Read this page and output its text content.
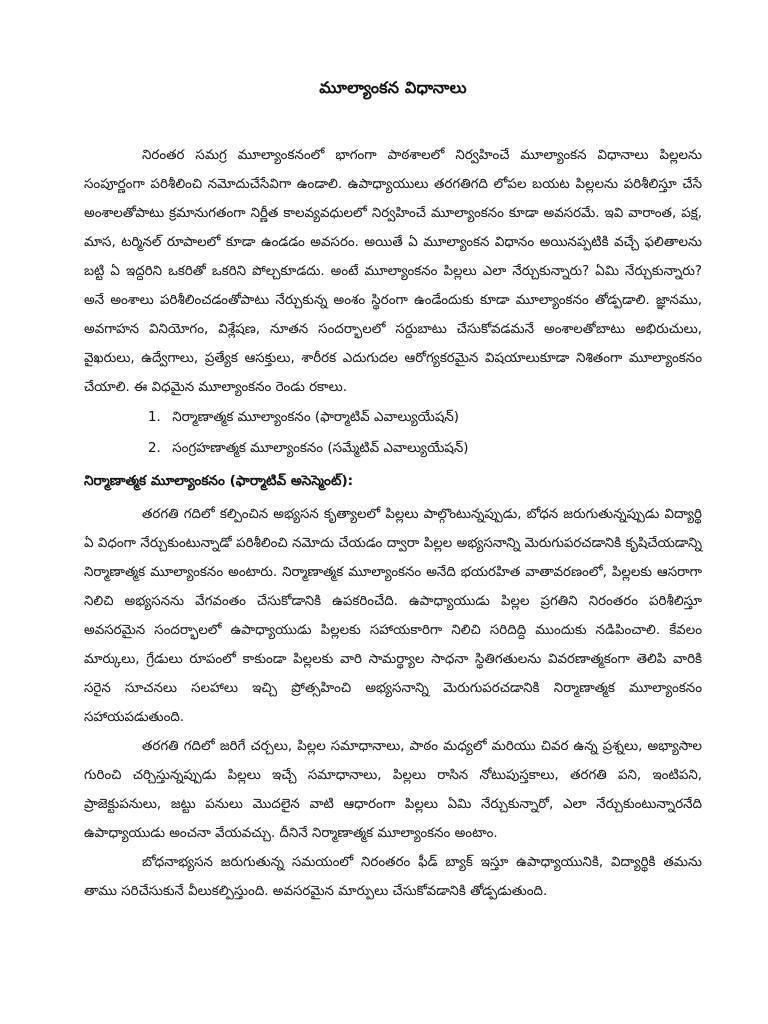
మూల్యాంకన విధానాలు

నిరంతర సమగ్ర మూల్యాంకనంలో భాగంగా పాఠశాలలో నిర్వహించే మూల్యాంకన విధానాలు పిల్లలను సంపూర్ణంగా పరిశీలించి నమోదుచేసేవిగా ఉండాలి. ఉపాధ్యాయులు తరగతిగది లోపల బయట పిల్లలను పరిశీలిస్తూ చేసే అంశాలతోపాటు క్రమానుగతంగా నిర్ణీత కాలవ్యవధులలో నిర్వహించే మూల్యాంకనం కూడా అవసరమే. ఇవి వారాంత, పక్ష, మాస, టర్మినల్ రూపాలలో కూడా ఉండడం అవసరం. అయితే ఏ మూల్యాంకన విధానం అయినప్పటికి వచ్చే ఫలితాలను బట్టి ఏ ఇద్దరిని ఒకరితో ఒకరిని పోల్చకూడదు. అంటే మూల్యాంకనం పిల్లలు ఎలా నేర్చుకున్నారు? ఏమి నేర్చుకున్నారు? అనే అంశాలు పరిశీలించడంతోపాటు నేర్చుకున్న అంశం స్థిరంగా ఉండేందుకు కూడా మూల్యాంకనం తోడ్పడాలి. జ్ఞానము, అవగాహన వినియోగం, విశ్లేషణ, నూతన సందర్భాలలో సర్దుబాటు చేసుకోవడమనే అంశాలతోబాటు అభిరుచులు, వైఖరులు, ఉద్వేగాలు, ప్రత్యేక ఆసక్తులు, శారీరక ఎదుగుదల ఆరోగ్యకరమైన విషయాలుకూడా నిశితంగా మూల్యాంకనం చేయాలి. ఈ విధమైన మూల్యాంకనం రెండు రకాలు.

1. నిర్మాణాత్మక మూల్యాంకనం (ఫార్మాటివ్ ఎవాల్యుయేషన్)
2. సంగ్రహణాత్మక మూల్యాంకనం (సమ్మేటివ్ ఎవాల్యుయేషన్)
నిర్మాణాత్మక మూల్యాంకనం (ఫార్మాటివ్ అసెస్మెంట్):

తరగతి గదిలో కల్పించిన అభ్యసన కృత్యాలలో పిల్లలు పాల్గొంటున్నప్పుడు, బోధన జరుగుతున్నప్పుడు విద్యార్థి ఏ విధంగా నేర్చుకుంటున్నాడో పరిశీలించి నమోదు చేయడం ద్వారా పిల్లల అభ్యసనాన్ని మెరుగుపరచడానికి కృషిచేయడాన్ని నిర్మాణాత్మక మూల్యాంకనం అంటారు. నిర్మాణాత్మక మూల్యాంకనం అనేది భయరహిత వాతావరణంలో, పిల్లలకు ఆసరాగా నిలిచి అభ్యసనను వేగవంతం చేసుకోడానికి ఉపకరించేది. ఉపాధ్యాయుడు పిల్లల ప్రగతిని నిరంతరం పరిశీలిస్తూ అవసరమైన సందర్భాలలో ఉపాధ్యాయుడు పిల్లలకు సహాయకారిగా నిలిచి సరిదిద్ది ముందుకు నడిపించాలి. కేవలం మార్కులు, గ్రేడులు రూపంలో కాకుండా పిల్లలకు వారి సామర్థ్యాల సాధనా స్థితిగతులను వివరణాత్మకంగా తెలిపి వారికి సరైన సూచనలు సలహాలు ఇచ్చి ప్రోత్సహించి అభ్యసనాన్ని మెరుగుపరచడానికి నిర్మాణాత్మక మూల్యాంకనం సహాయపడుతుంది.

తరగతి గదిలో జరిగే చర్చలు, పిల్లల సమాధానాలు, పాఠం మధ్యలో మరియు చివర ఉన్న ప్రశ్నలు, అభ్యాసాల గురించి చర్చిస్తున్నప్పుడు పిల్లలు ఇచ్చే సమాధానాలు, పిల్లలు రాసిన నోటుపుస్తకాలు, తరగతి పని, ఇంటిపని, ప్రాజెక్టుపనులు, జట్టు పనులు మొదలైన వాటి ఆధారంగా పిల్లలు ఏమి నేర్చుకున్నారో, ఎలా నేర్చుకుంటున్నారనేది ఉపాధ్యాయుడు అంచనా వేయవచ్చు. దీనినే నిర్మాణాత్మక మూల్యాంకనం అంటాం.

బోధనాభ్యసన జరుగుతున్న సమయంలో నిరంతరం ఫీడ్ బ్యాక్ ఇస్తూ ఉపాధ్యాయునికి, విద్యార్థికి తమను తాము సరిచేసుకునే వీలుకల్పిస్తుంది. అవసరమైన మార్పులు చేసుకోవడానికి తోడ్పడుతుంది.
